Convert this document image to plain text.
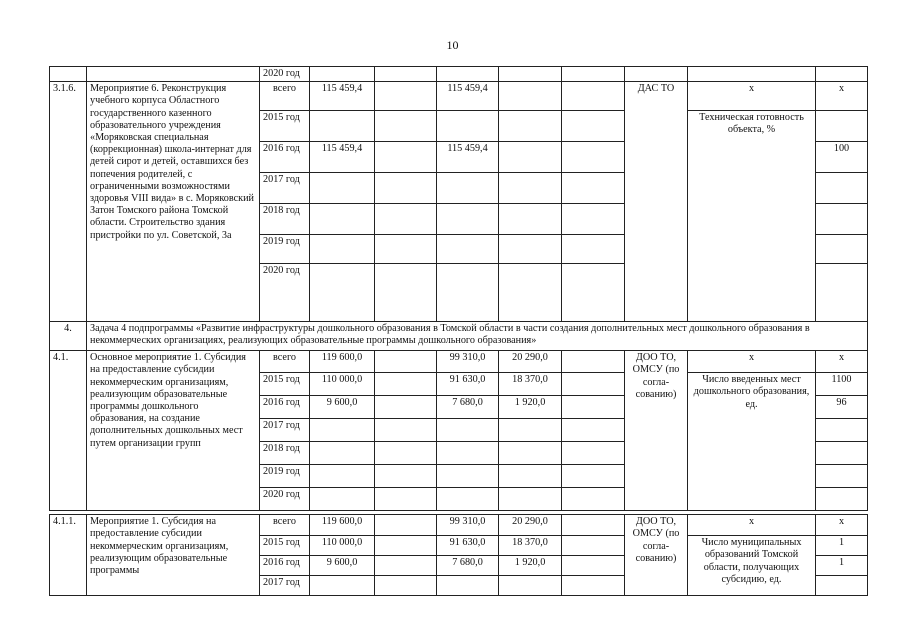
10
		2020 год								
3.1.6.	Мероприятие 6. Реконструкция учебного корпуса Областного государственного казенного образовательного учреждения «Моряковская специальная (коррекционная) школа-интернат для детей сирот и детей, оставшихся без попечения родителей, с ограниченными возможностями здоровья VIII вида» в с. Моряковский Затон Томского района Томской области. Строительство здания пристройки по ул. Советской, 3а	всего	115 459,4		115 459,4			ДАС ТО	х	х
		2015 год							Техническая готовность объекта, %	
		2016 год	115 459,4		115 459,4					100
		2017 год								
		2018 год								
		2019 год								
		2020 год								
4.	Задача 4 подпрограммы «Развитие инфраструктуры дошкольного образования в Томской области в части создания дополнительных мест дошкольного образования в некоммерческих организациях, реализующих образовательные программы дошкольного образования»									
4.1.	Основное мероприятие 1. Субсидия на предоставление субсидии некоммерческим организациям, реализующим образовательные программы дошкольного образования, на создание дополнительных дошкольных мест путем организации групп	всего	119 600,0		99 310,0	20 290,0		ДОО ТО, ОМСУ (по согла-сованию)	х	х
		2015 год	110 000,0		91 630,0	18 370,0			Число введенных мест дошкольного образования, ед.	1100
		2016 год	9 600,0		7 680,0	1 920,0				96
		2017 год								
		2018 год								
		2019 год								
		2020 год								

4.1.1.	Мероприятие 1. Субсидия на предоставление субсидии некоммерческим организациям, реализующим образовательные программы	всего	119 600,0		99 310,0	20 290,0		ДОО ТО, ОМСУ (по согла-сованию)	х	х
		2015 год	110 000,0		91 630,0	18 370,0			Число муниципальных образований Томской области, получающих субсидию, ед.	1
		2016 год	9 600,0		7 680,0	1 920,0				1
		2017 год								
